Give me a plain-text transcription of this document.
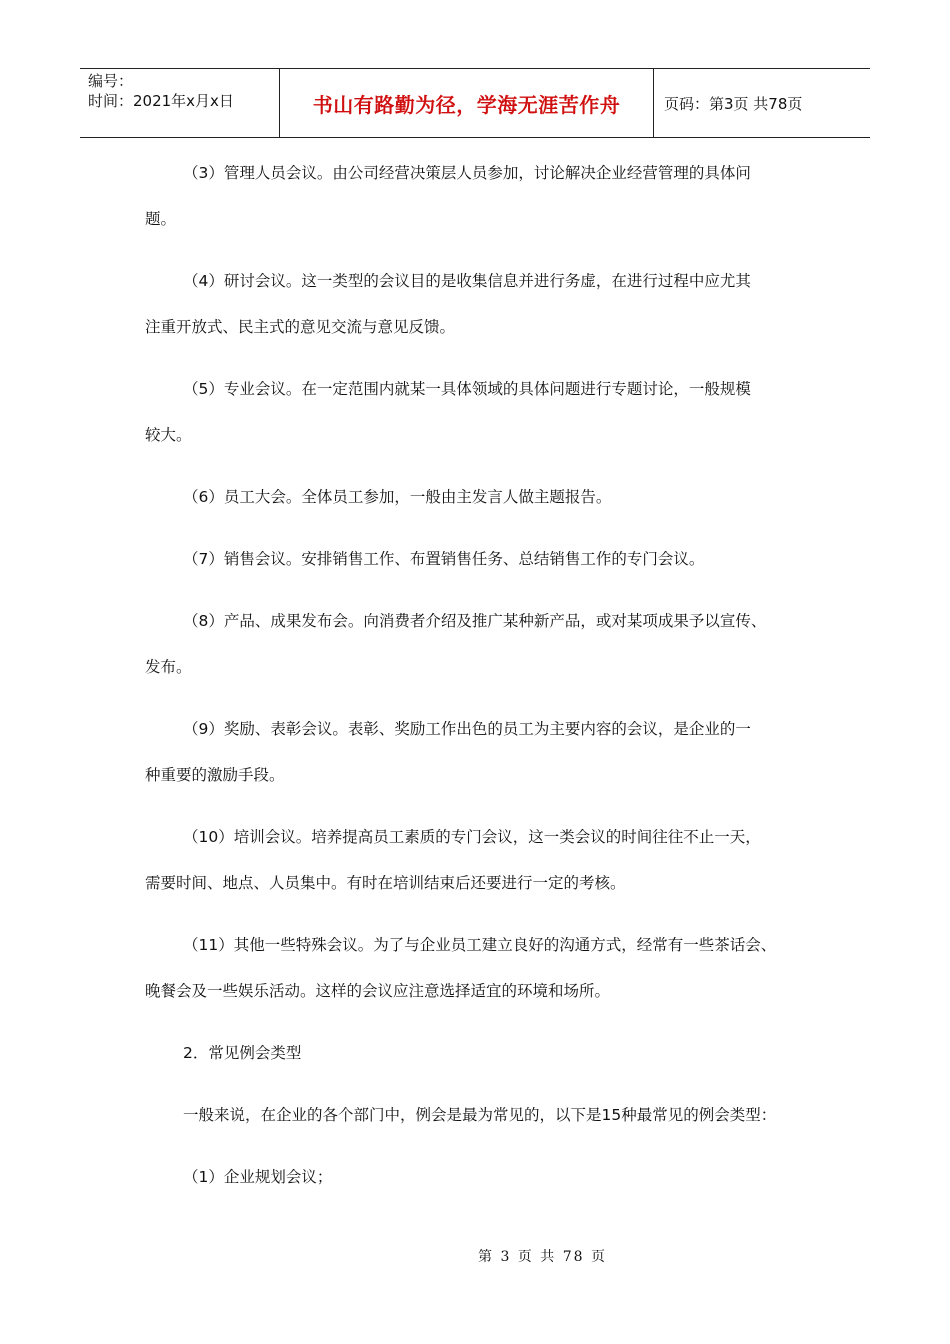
编号：
时间：2021年x月x日	书山有路勤为径，学海无涯苦作舟	页码：第3页 共78页
（3）管理人员会议。由公司经营决策层人员参加，讨论解决企业经营管理的具体问
题。
（4）研讨会议。这一类型的会议目的是收集信息并进行务虚，在进行过程中应尤其
注重开放式、民主式的意见交流与意见反馈。
（5）专业会议。在一定范围内就某一具体领域的具体问题进行专题讨论，一般规模
较大。
（6）员工大会。全体员工参加，一般由主发言人做主题报告。
（7）销售会议。安排销售工作、布置销售任务、总结销售工作的专门会议。
（8）产品、成果发布会。向消费者介绍及推广某种新产品，或对某项成果予以宣传、
发布。
（9）奖励、表彰会议。表彰、奖励工作出色的员工为主要内容的会议，是企业的一
种重要的激励手段。
（10）培训会议。培养提高员工素质的专门会议，这一类会议的时间往往不止一天，
需要时间、地点、人员集中。有时在培训结束后还要进行一定的考核。
（11）其他一些特殊会议。为了与企业员工建立良好的沟通方式，经常有一些茶话会、
晚餐会及一些娱乐活动。这样的会议应注意选择适宜的环境和场所。
2．常见例会类型
一般来说，在企业的各个部门中，例会是最为常见的，以下是15种最常见的例会类型：
（1）企业规划会议；
第 3 页 共 78 页
